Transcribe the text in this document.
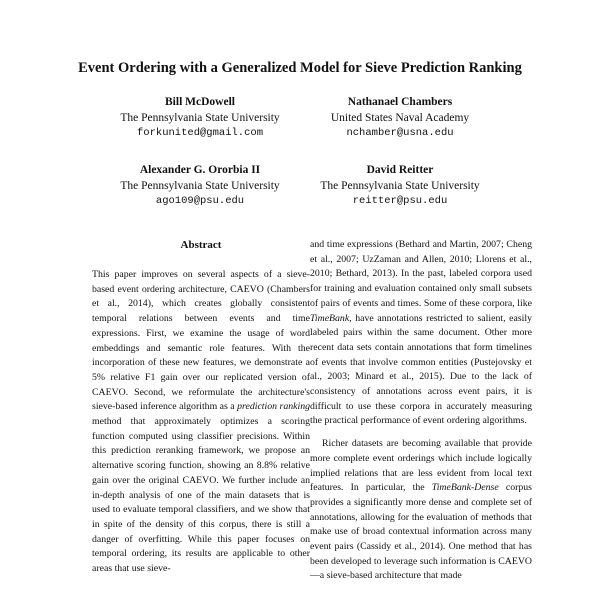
Event Ordering with a Generalized Model for Sieve Prediction Ranking
Bill McDowell
The Pennsylvania State University
forkunited@gmail.com
Nathanael Chambers
United States Naval Academy
nchamber@usna.edu
Alexander G. Ororbia II
The Pennsylvania State University
ago109@psu.edu
David Reitter
The Pennsylvania State University
reitter@psu.edu
Abstract

This paper improves on several aspects of a sieve-based event ordering architecture, CAEVO (Chambers et al., 2014), which creates globally consistent temporal relations between events and time expressions. First, we examine the usage of word embeddings and semantic role features. With the incorporation of these new features, we demonstrate a 5% relative F1 gain over our replicated version of CAEVO. Second, we reformulate the architecture's sieve-based inference algorithm as a prediction ranking method that approximately optimizes a scoring function computed using classifier precisions. Within this prediction reranking framework, we propose an alternative scoring function, showing an 8.8% relative gain over the original CAEVO. We further include an in-depth analysis of one of the main datasets that is used to evaluate temporal classifiers, and we show that in spite of the density of this corpus, there is still a danger of overfitting. While this paper focuses on temporal ordering, its results are applicable to other areas that use sieve-

and time expressions (Bethard and Martin, 2007; Cheng et al., 2007; UzZaman and Allen, 2010; Llorens et al., 2010; Bethard, 2013). In the past, labeled corpora used for training and evaluation contained only small subsets of pairs of events and times. Some of these corpora, like TimeBank, have annotations restricted to salient, easily labeled pairs within the same document. Other more recent data sets contain annotations that form timelines of events that involve common entities (Pustejovsky et al., 2003; Minard et al., 2015). Due to the lack of consistency of annotations across event pairs, it is difficult to use these corpora in accurately measuring the practical performance of event ordering algorithms.

Richer datasets are becoming available that provide more complete event orderings which include logically implied relations that are less evident from local text features. In particular, the TimeBank-Dense corpus provides a significantly more dense and complete set of annotations, allowing for the evaluation of methods that make use of broad contextual information across many event pairs (Cassidy et al., 2014). One method that has been developed to leverage such information is CAEVO—a sieve-based architecture that made
